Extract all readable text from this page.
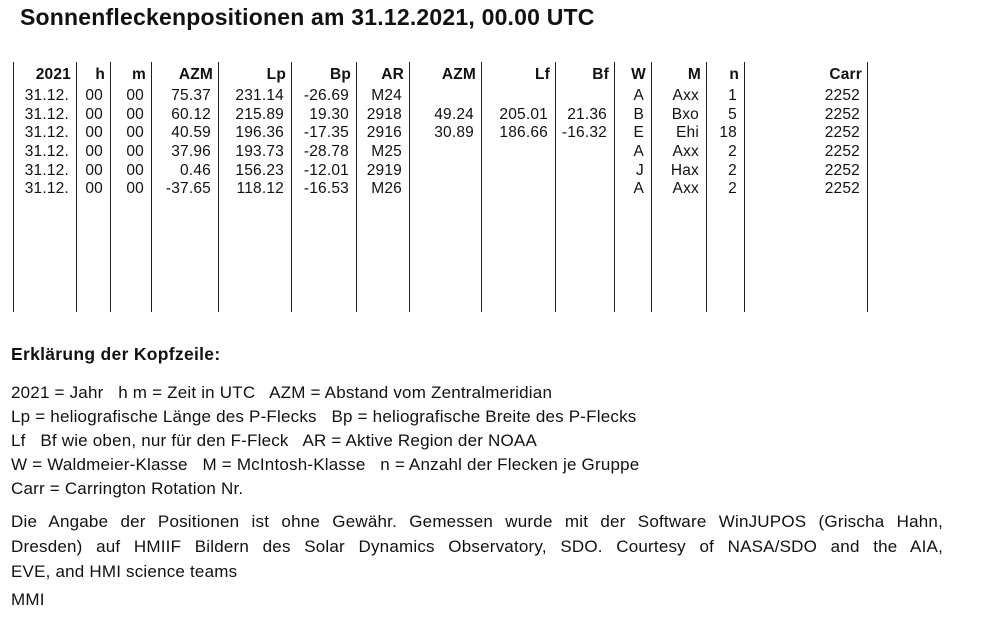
Sonnenfleckenpositionen am 31.12.2021, 00.00 UTC
2021
31.12.
31.12.
31.12.
31.12.
31.12.
31.12.
h
00
00
00
00
00
00
m
00
00
00
00
00
00
AZM
75.37
60.12
40.59
37.96
0.46
-37.65
Lp
231.14
215.89
196.36
193.73
156.23
118.12
Bp
-26.69
19.30
-17.35
-28.78
-12.01
-16.53
AR
M24
2918
2916
M25
2919
M26
AZM
49.24
30.89
Lf
205.01
186.66
Bf
21.36
-16.32
W
A
B
E
A
J
A
M
Axx
Bxo
Ehi
Axx
Hax
Axx
n
1
5
18
2
2
2
Carr
2252
2252
2252
2252
2252
2252
Erklärung der Kopfzeile:
2021 = Jahr   h m = Zeit in UTC   AZM = Abstand vom Zentralmeridian
Lp = heliografische Länge des P-Flecks   Bp = heliografische Breite des P-Flecks
Lf   Bf wie oben, nur für den F-Fleck   AR = Aktive Region der NOAA
W = Waldmeier-Klasse   M = McIntosh-Klasse   n = Anzahl der Flecken je Gruppe
Carr = Carrington Rotation Nr.
Die Angabe der Positionen ist ohne Gewähr. Gemessen wurde mit der Software WinJUPOS (Grischa Hahn,
Dresden) auf HMIIF Bildern des Solar Dynamics Observatory, SDO. Courtesy of NASA/SDO and the AIA,
EVE, and HMI science teams
MMI
